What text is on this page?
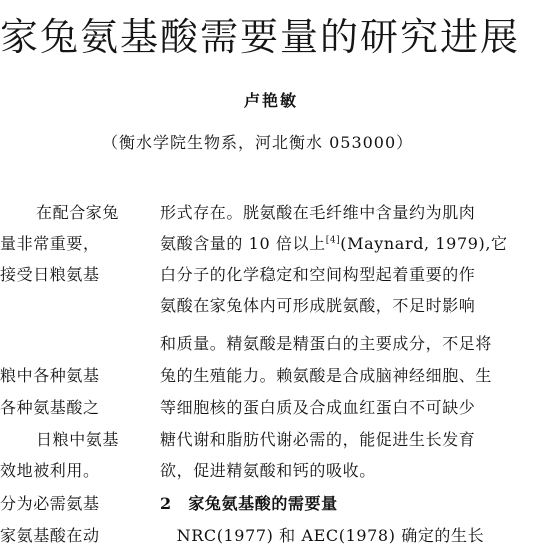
家兔氨基酸需要量的研究进展
卢艳敏
（衡水学院生物系，河北衡水 053000）
在配合家兔
量非常重要，
接受日粮氨基
粮中各种氨基
各种氨基酸之
日粮中氨基
效地被利用。
分为必需氨基
家氨基酸在动
形式存在。胱氨酸在毛纤维中含量约为肌肉
氨酸含量的 10 倍以上[4](Maynard, 1979),它
白分子的化学稳定和空间构型起着重要的作
氨酸在家兔体内可形成胱氨酸，不足时影响
和质量。精氨酸是精蛋白的主要成分，不足将
兔的生殖能力。赖氨酸是合成脑神经细胞、生
等细胞核的蛋白质及合成血红蛋白不可缺少
糖代谢和脂肪代谢必需的，能促进生长发育
欲，促进精氨酸和钙的吸收。
2　家兔氨基酸的需要量
　NRC(1977) 和 AEC(1978) 确定的生长
